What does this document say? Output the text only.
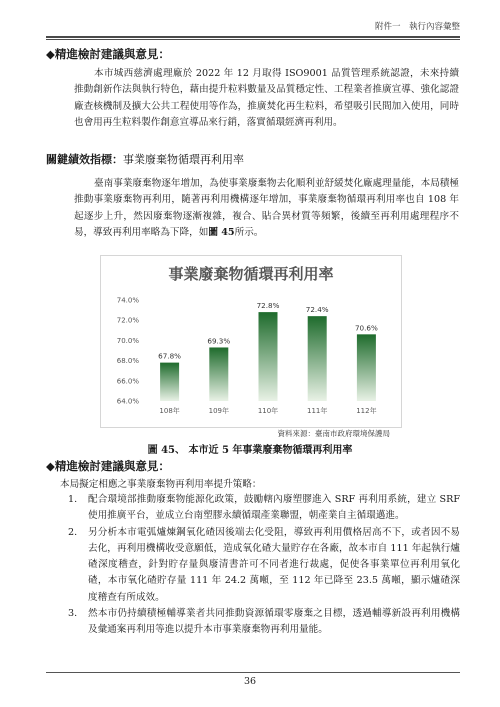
附件一　執行內容彙整
◆精進檢討建議與意見：
本市城西慈濟處理廠於 2022 年 12 月取得 ISO9001 品質管理系統認證，未來持續推動創新作法與執行特色，藉由提升粒料數量及品質穩定性、工程業者推廣宣導、強化認證廠查核機制及擴大公共工程使用等作為，推廣焚化再生粒料，希望吸引民間加入使用，同時也會用再生粒料製作創意宣導品來行銷，落實循環經濟再利用。
關鍵績效指標：事業廢棄物循環再利用率
臺南事業廢棄物逐年增加，為使事業廢棄物去化順利並舒緩焚化廠處理量能，本局積極推動事業廢棄物再利用，隨著再利用機構逐年增加，事業廢棄物循環再利用率也自 108 年起逐步上升，然因廢棄物逐漸複雜，複合、貼合異材質等頻繁，後續至再利用處理程序不易，導致再利用率略為下降，如圖 45所示。
事業廢棄物循環再利用率
64.0%
66.0%
68.0%
70.0%
72.0%
74.0%
67.8%
108年
69.3%
109年
72.8%
110年
72.4%
111年
70.6%
112年
資料來源：臺南市政府環境保護局
圖 45、 本市近 5 年事業廢棄物循環再利用率
◆精進檢討建議與意見：
本局擬定相應之事業廢棄物再利用率提升策略：
1. 配合環境部推動廢棄物能源化政策，鼓勵轄內廢塑膠進入 SRF 再利用系統，建立 SRF 使用推廣平台，並成立台南塑膠永續循環產業聯盟，朝產業自主循環邁進。
2. 另分析本市電弧爐煉鋼氧化碴因後端去化受阻，導致再利用價格居高不下，或者因不易去化，再利用機構收受意願低，造成氧化碴大量貯存在各廠，故本市自 111 年起執行爐碴深度稽查，針對貯存量與廢清書許可不同者進行裁處，促使各事業單位再利用氧化碴，本市氧化碴貯存量 111 年 24.2 萬噸，至 112 年已降至 23.5 萬噸，顯示爐碴深度稽查有所成效。
3. 然本市仍持續積極輔導業者共同推動資源循環零廢棄之目標，透過輔導新設再利用機構及彙通案再利用等進以提升本市事業廢棄物再利用量能。
36
